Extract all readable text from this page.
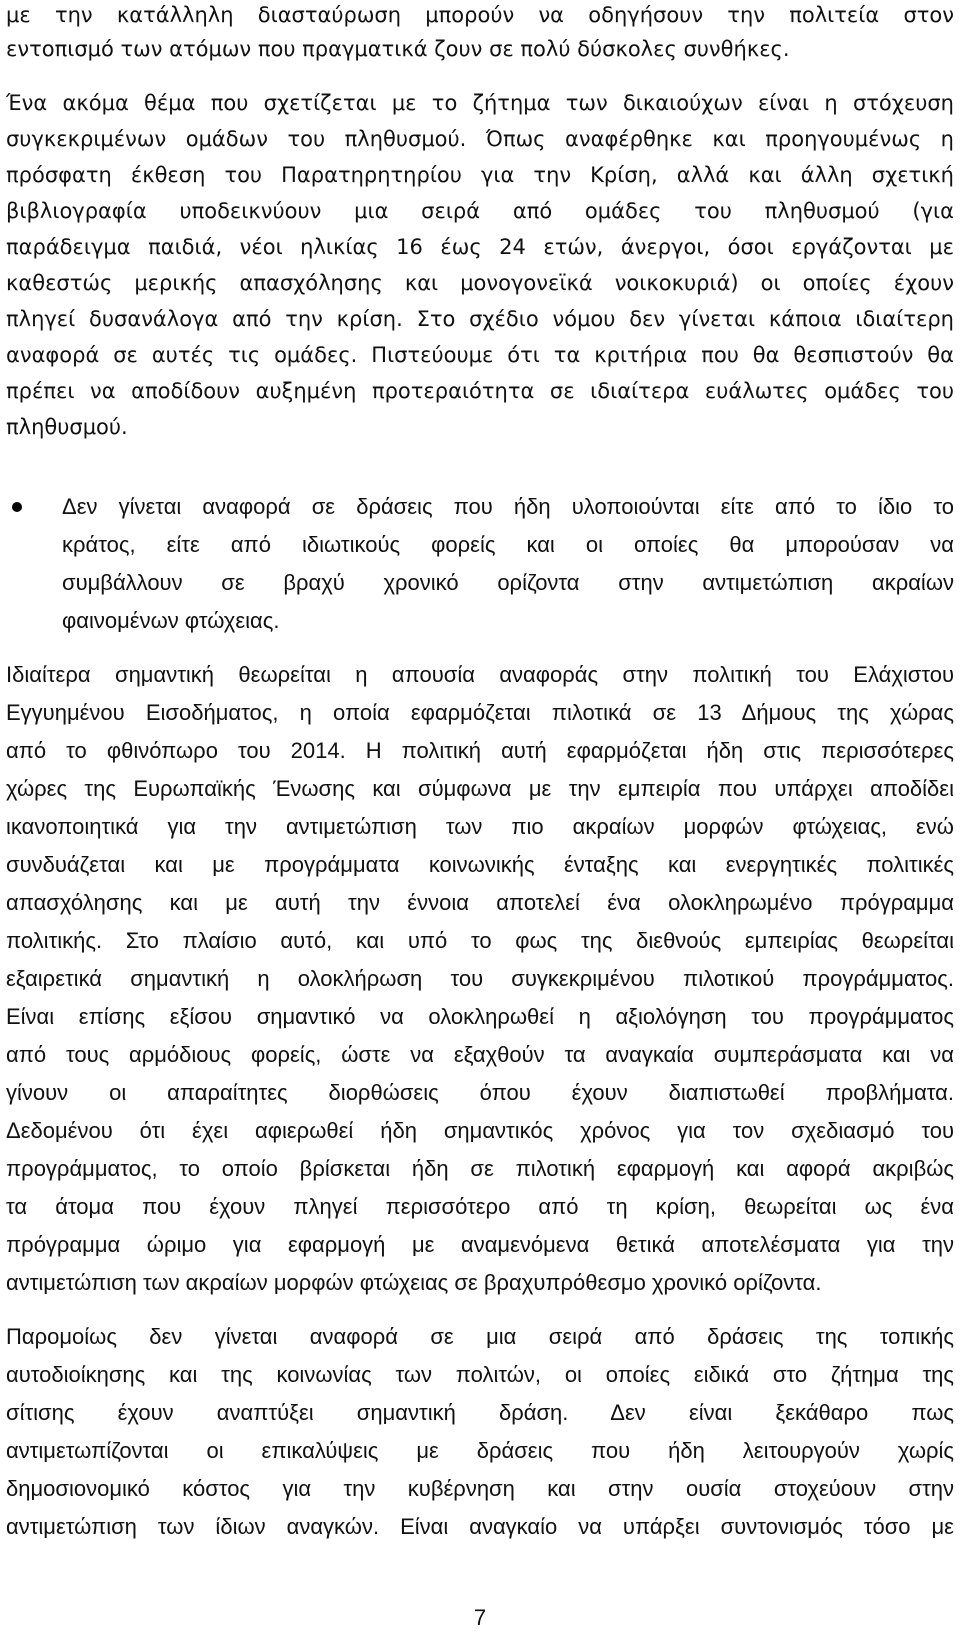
με την κατάλληλη διασταύρωση μπορούν να οδηγήσουν την πολιτεία στον
εντοπισμό των ατόμων που πραγματικά ζουν σε πολύ δύσκολες συνθήκες.
Ένα ακόμα θέμα που σχετίζεται με το ζήτημα των δικαιούχων είναι η στόχευση
συγκεκριμένων ομάδων του πληθυσμού. Όπως αναφέρθηκε και προηγουμένως η
πρόσφατη έκθεση του Παρατηρητηρίου για την Κρίση, αλλά και άλλη σχετική
βιβλιογραφία υποδεικνύουν μια σειρά από ομάδες του πληθυσμού (για
παράδειγμα παιδιά, νέοι ηλικίας 16 έως 24 ετών, άνεργοι, όσοι εργάζονται με
καθεστώς μερικής απασχόλησης και μονογονεϊκά νοικοκυριά) οι οποίες έχουν
πληγεί δυσανάλογα από την κρίση. Στο σχέδιο νόμου δεν γίνεται κάποια ιδιαίτερη
αναφορά σε αυτές τις ομάδες. Πιστεύουμε ότι τα κριτήρια που θα θεσπιστούν θα
πρέπει να αποδίδουν αυξημένη προτεραιότητα σε ιδιαίτερα ευάλωτες ομάδες του
πληθυσμού.
Δεν γίνεται αναφορά σε δράσεις που ήδη υλοποιούνται είτε από το ίδιο το
κράτος, είτε από ιδιωτικούς φορείς και οι οποίες θα μπορούσαν να
συμβάλλουν σε βραχύ χρονικό ορίζοντα στην αντιμετώπιση ακραίων
φαινομένων φτώχειας.
Ιδιαίτερα σημαντική θεωρείται η απουσία αναφοράς στην πολιτική του Ελάχιστου
Εγγυημένου Εισοδήματος, η οποία εφαρμόζεται πιλοτικά σε 13 Δήμους της χώρας
από το φθινόπωρο του 2014. Η πολιτική αυτή εφαρμόζεται ήδη στις περισσότερες
χώρες της Ευρωπαϊκής Ένωσης και σύμφωνα με την εμπειρία που υπάρχει αποδίδει
ικανοποιητικά για την αντιμετώπιση των πιο ακραίων μορφών φτώχειας, ενώ
συνδυάζεται και με προγράμματα κοινωνικής ένταξης και ενεργητικές πολιτικές
απασχόλησης και με αυτή την έννοια αποτελεί ένα ολοκληρωμένο πρόγραμμα
πολιτικής. Στο πλαίσιο αυτό, και υπό το φως της διεθνούς εμπειρίας θεωρείται
εξαιρετικά σημαντική η ολοκλήρωση του συγκεκριμένου πιλοτικού προγράμματος.
Είναι επίσης εξίσου σημαντικό να ολοκληρωθεί η αξιολόγηση του προγράμματος
από τους αρμόδιους φορείς, ώστε να εξαχθούν τα αναγκαία συμπεράσματα και να
γίνουν οι απαραίτητες διορθώσεις όπου έχουν διαπιστωθεί προβλήματα.
Δεδομένου ότι έχει αφιερωθεί ήδη σημαντικός χρόνος για τον σχεδιασμό του
προγράμματος, το οποίο βρίσκεται ήδη σε πιλοτική εφαρμογή και αφορά ακριβώς
τα άτομα που έχουν πληγεί περισσότερο από τη κρίση, θεωρείται ως ένα
πρόγραμμα ώριμο για εφαρμογή με αναμενόμενα θετικά αποτελέσματα για την
αντιμετώπιση των ακραίων μορφών φτώχειας σε βραχυπρόθεσμο χρονικό ορίζοντα.
Παρομοίως δεν γίνεται αναφορά σε μια σειρά από δράσεις της τοπικής
αυτοδιοίκησης και της κοινωνίας των πολιτών, οι οποίες ειδικά στο ζήτημα της
σίτισης έχουν αναπτύξει σημαντική δράση. Δεν είναι ξεκάθαρο πως
αντιμετωπίζονται οι επικαλύψεις με δράσεις που ήδη λειτουργούν χωρίς
δημοσιονομικό κόστος για την κυβέρνηση και στην ουσία στοχεύουν στην
αντιμετώπιση των ίδιων αναγκών. Είναι αναγκαίο να υπάρξει συντονισμός τόσο με
7
